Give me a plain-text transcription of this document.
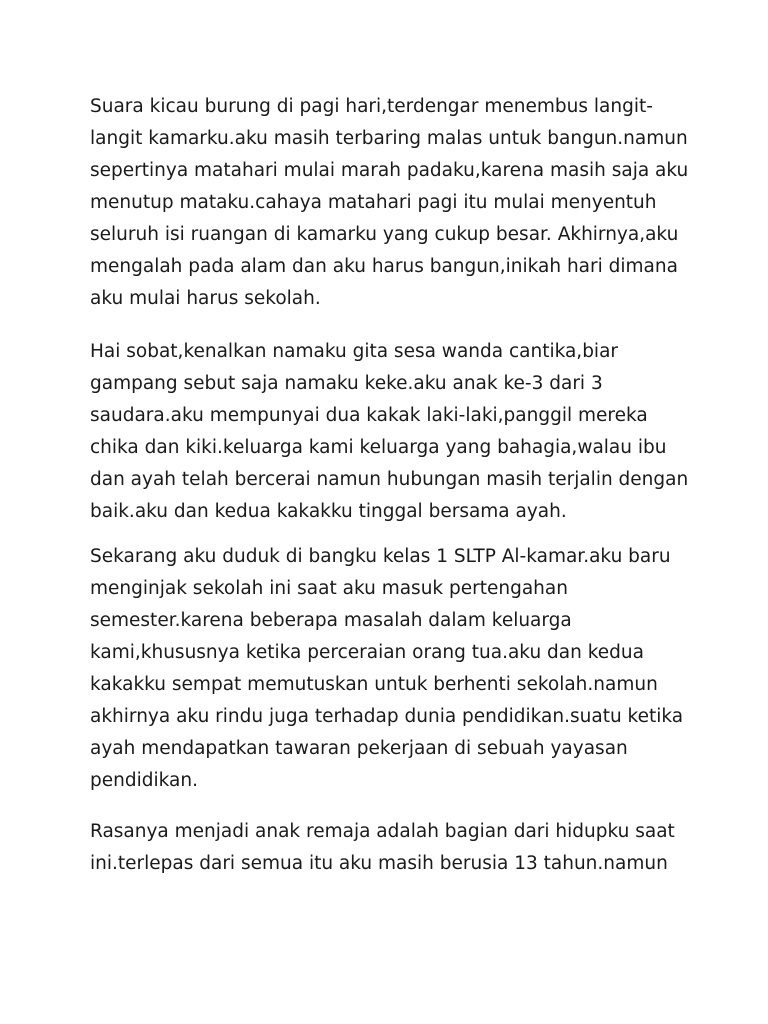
Suara kicau burung di pagi hari,terdengar menembus langit-
langit kamarku.aku masih terbaring malas untuk bangun.namun
sepertinya matahari mulai marah padaku,karena masih saja aku
menutup mataku.cahaya matahari pagi itu mulai menyentuh
seluruh isi ruangan di kamarku yang cukup besar. Akhirnya,aku
mengalah pada alam dan aku harus bangun,inikah hari dimana
aku mulai harus sekolah.

Hai sobat,kenalkan namaku gita sesa wanda cantika,biar
gampang sebut saja namaku keke.aku anak ke-3 dari 3
saudara.aku mempunyai dua kakak laki-laki,panggil mereka
chika dan kiki.keluarga kami keluarga yang bahagia,walau ibu
dan ayah telah bercerai namun hubungan masih terjalin dengan
baik.aku dan kedua kakakku tinggal bersama ayah.

Sekarang aku duduk di bangku kelas 1 SLTP Al-kamar.aku baru
menginjak sekolah ini saat aku masuk pertengahan
semester.karena beberapa masalah dalam keluarga
kami,khususnya ketika perceraian orang tua.aku dan kedua
kakakku sempat memutuskan untuk berhenti sekolah.namun
akhirnya aku rindu juga terhadap dunia pendidikan.suatu ketika
ayah mendapatkan tawaran pekerjaan di sebuah yayasan
pendidikan.

Rasanya menjadi anak remaja adalah bagian dari hidupku saat
ini.terlepas dari semua itu aku masih berusia 13 tahun.namun
